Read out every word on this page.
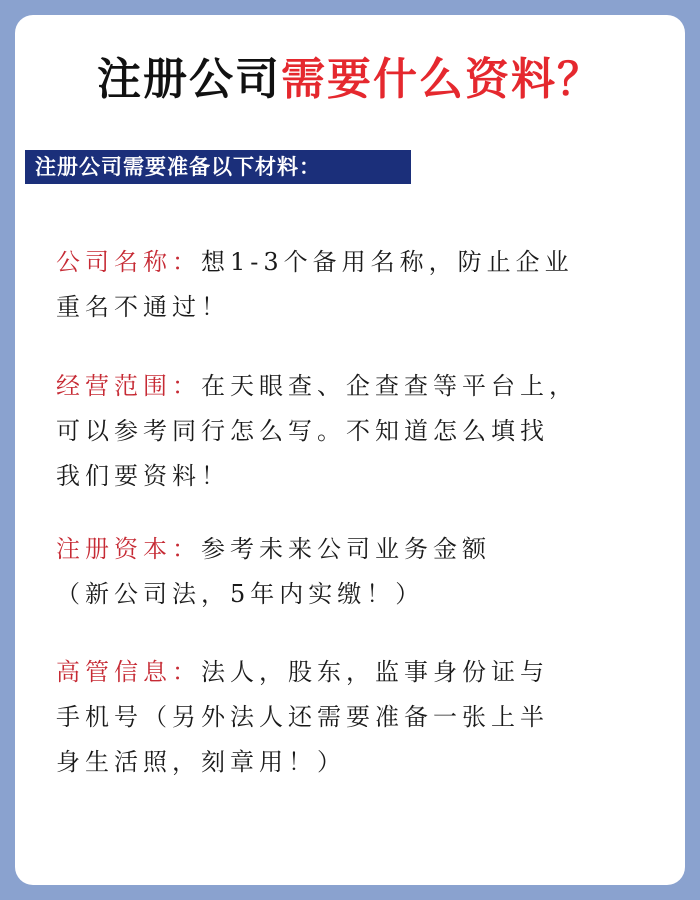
注册公司需要什么资料？
注册公司需要准备以下材料：
公司名称：想1-3个备用名称，防止企业
重名不通过！
经营范围：在天眼查、企查查等平台上，
可以参考同行怎么写。不知道怎么填找
我们要资料！
注册资本：参考未来公司业务金额
（新公司法，5年内实缴！）
高管信息：法人，股东，监事身份证与
手机号（另外法人还需要准备一张上半
身生活照，刻章用！）
